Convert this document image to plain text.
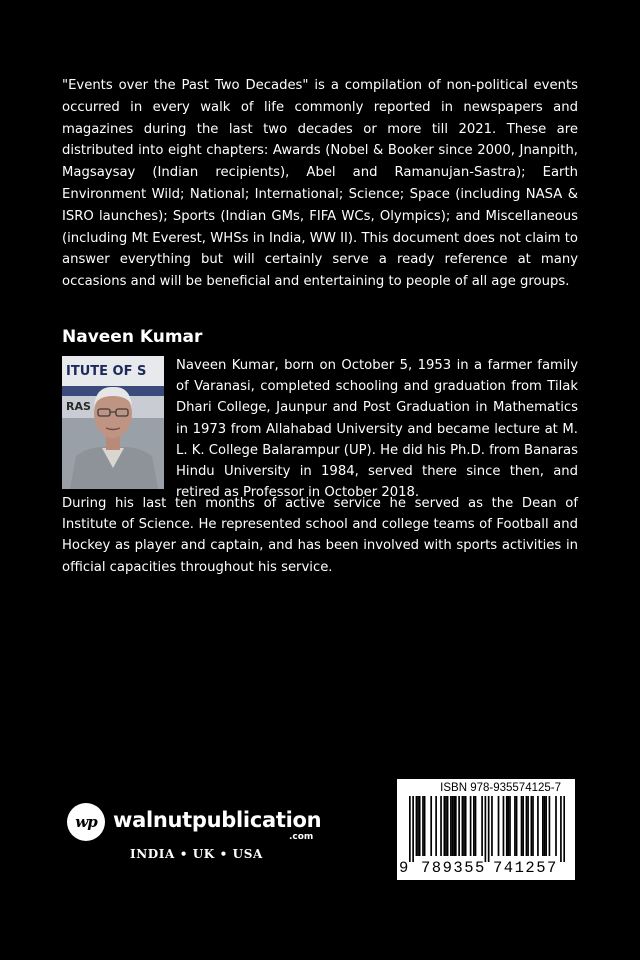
"Events over the Past Two Decades" is a compilation of non-political events occurred in every walk of life commonly reported in newspapers and magazines during the last two decades or more till 2021. These are distributed into eight chapters: Awards (Nobel & Booker since 2000, Jnanpith, Magsaysay (Indian recipients), Abel and Ramanujan-Sastra); Earth Environment Wild; National; International; Science; Space (including NASA & ISRO launches); Sports (Indian GMs, FIFA WCs, Olympics); and Miscellaneous (including Mt Everest, WHSs in India, WW II). This document does not claim to answer everything but will certainly serve a ready reference at many occasions and will be beneficial and entertaining to people of all age groups.

Naveen Kumar
ITUTE OF S
RAS

Naveen Kumar, born on October 5, 1953 in a farmer family of Varanasi, completed schooling and graduation from Tilak Dhari College, Jaunpur and Post Graduation in Mathematics in 1973 from Allahabad University and became lecture at M. L. K. College Balarampur (UP). He did his Ph.D. from Banaras Hindu University in 1984, served there since then, and retired as Professor in October 2018.

During his last ten months of active service he served as the Dean of Institute of Science. He represented school and college teams of Football and Hockey as player and captain, and has been involved with sports activities in official capacities throughout his service.

wp walnutpublication
.com
INDIA • UK • USA
ISBN 978-935574125-7
9 789355 741257
